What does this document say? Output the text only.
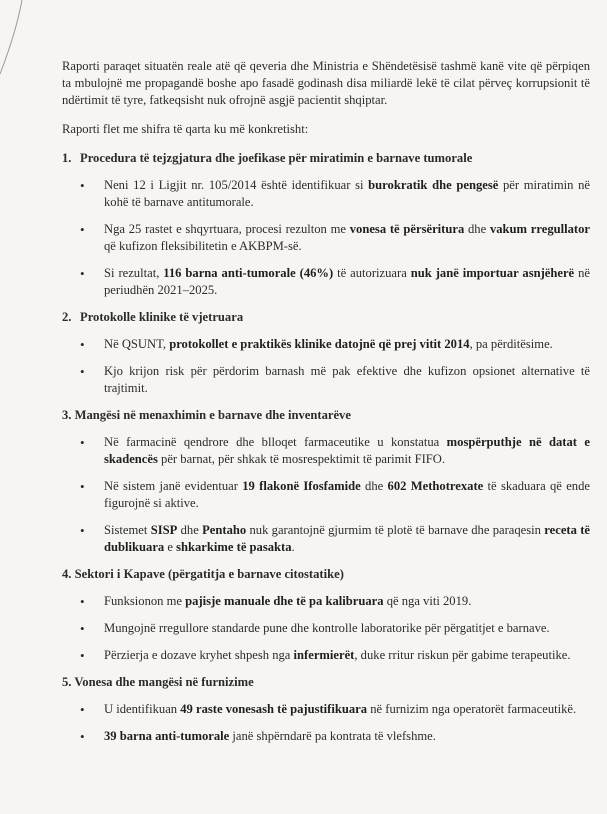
Raporti paraqet situatën reale atë që qeveria dhe Ministria e Shëndetësisë tashmë kanë vite që përpiqen ta mbulojnë me propagandë boshe apo fasadë godinash disa miliardë lekë të cilat përveç korrupsionit të ndërtimit të tyre, fatkeqsisht nuk ofrojnë asgjë pacientit shqiptar.

Raporti flet me shifra të qarta ku më konkretisht:

1. Procedura të tejzgjatura dhe joefikase për miratimin e barnave tumorale
• Neni 12 i Ligjit nr. 105/2014 është identifikuar si burokratik dhe pengesë për miratimin në kohë të barnave antitumorale.
• Nga 25 rastet e shqyrtuara, procesi rezulton me vonesa të përsëritura dhe vakum rregullator që kufizon fleksibilitetin e AKBPM-së.
• Si rezultat, 116 barna anti-tumorale (46%) të autorizuara nuk janë importuar asnjëherë në periudhën 2021–2025.
2. Protokolle klinike të vjetruara
• Në QSUNT, protokollet e praktikës klinike datojnë që prej vitit 2014, pa përditësime.
• Kjo krijon risk për përdorim barnash më pak efektive dhe kufizon opsionet alternative të trajtimit.
3. Mangësi në menaxhimin e barnave dhe inventarëve
• Në farmacinë qendrore dhe blloqet farmaceutike u konstatua mospërputhje në datat e skadencës për barnat, për shkak të mosrespektimit të parimit FIFO.
• Në sistem janë evidentuar 19 flakonë Ifosfamide dhe 602 Methotrexate të skaduara që ende figurojnë si aktive.
• Sistemet SISP dhe Pentaho nuk garantojnë gjurmim të plotë të barnave dhe paraqesin receta të dublikuara e shkarkime të pasakta.
4. Sektori i Kapave (përgatitja e barnave citostatike)
• Funksionon me pajisje manuale dhe të pa kalibruara që nga viti 2019.
• Mungojnë rregullore standarde pune dhe kontrolle laboratorike për përgatitjet e barnave.
• Përzierja e dozave kryhet shpesh nga infermierët, duke rritur riskun për gabime terapeutike.
5. Vonesa dhe mangësi në furnizime
• U identifikuan 49 raste vonesash të pajustifikuara në furnizim nga operatorët farmaceutikë.
• 39 barna anti-tumorale janë shpërndarë pa kontrata të vlefshme.
